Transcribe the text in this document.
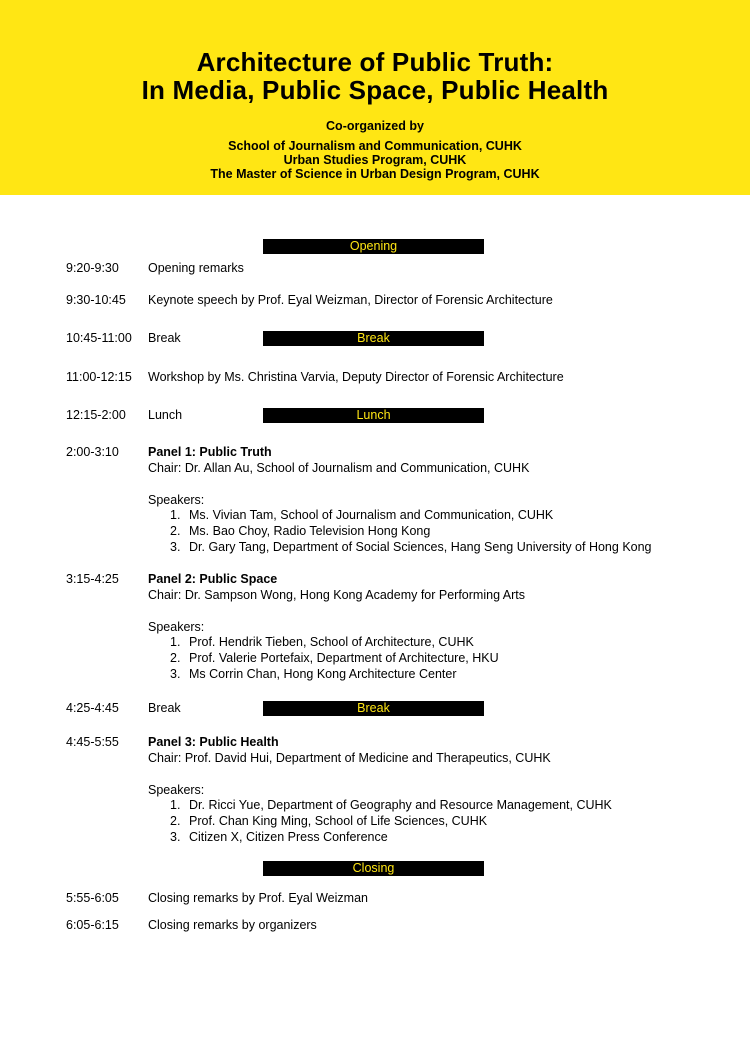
Architecture of Public Truth:
In Media, Public Space, Public Health
Co-organized by
School of Journalism and Communication, CUHK
Urban Studies Program, CUHK
The Master of Science in Urban Design Program, CUHK
Opening
Break
Lunch
Break
Closing
9:20-9:30 Opening remarks
9:30-10:45 Keynote speech by Prof. Eyal Weizman, Director of Forensic Architecture
10:45-11:00 Break
11:00-12:15 Workshop by Ms. Christina Varvia, Deputy Director of Forensic Architecture
12:15-2:00 Lunch
2:00-3:10 Panel 1: Public Truth
Chair: Dr. Allan Au, School of Journalism and Communication, CUHK
Speakers:
1. Ms. Vivian Tam, School of Journalism and Communication, CUHK
2. Ms. Bao Choy, Radio Television Hong Kong
3. Dr. Gary Tang, Department of Social Sciences, Hang Seng University of Hong Kong
3:15-4:25 Panel 2: Public Space
Chair: Dr. Sampson Wong, Hong Kong Academy for Performing Arts
Speakers:
1. Prof. Hendrik Tieben, School of Architecture, CUHK
2. Prof. Valerie Portefaix, Department of Architecture, HKU
3. Ms Corrin Chan, Hong Kong Architecture Center
4:25-4:45 Break
4:45-5:55 Panel 3: Public Health
Chair: Prof. David Hui, Department of Medicine and Therapeutics, CUHK
Speakers:
1. Dr. Ricci Yue, Department of Geography and Resource Management, CUHK
2. Prof. Chan King Ming, School of Life Sciences, CUHK
3. Citizen X, Citizen Press Conference
5:55-6:05 Closing remarks by Prof. Eyal Weizman
6:05-6:15 Closing remarks by organizers
